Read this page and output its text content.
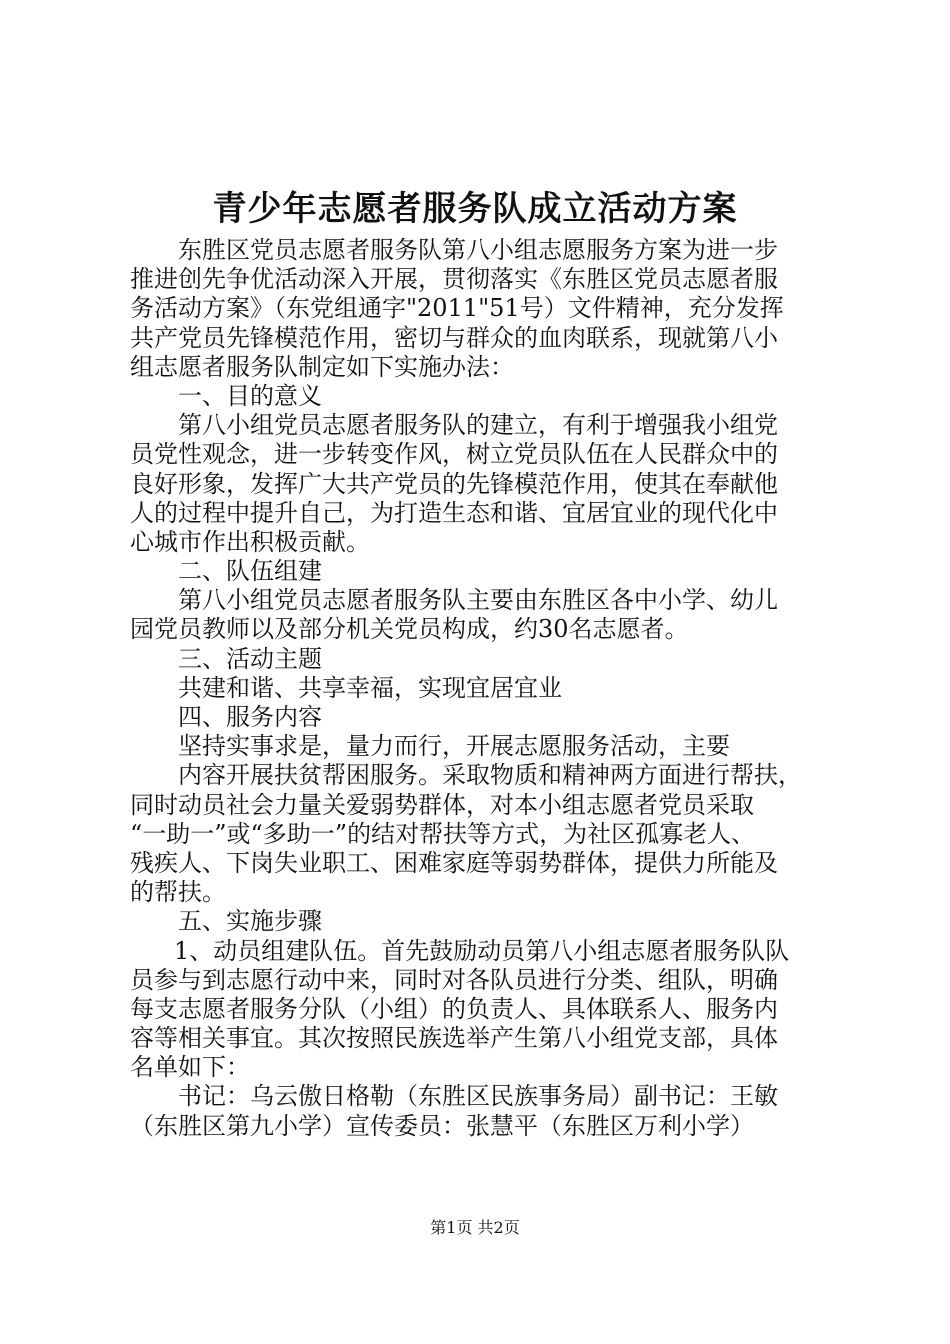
青少年志愿者服务队成立活动方案
东胜区党员志愿者服务队第八小组志愿服务方案为进一步
推进创先争优活动深入开展，贯彻落实《东胜区党员志愿者服
务活动方案》（东党组通字"2011"51号）文件精神，充分发挥
共产党员先锋模范作用，密切与群众的血肉联系，现就第八小
组志愿者服务队制定如下实施办法：
一、目的意义
第八小组党员志愿者服务队的建立，有利于增强我小组党
员党性观念，进一步转变作风，树立党员队伍在人民群众中的
良好形象，发挥广大共产党员的先锋模范作用，使其在奉献他
人的过程中提升自己，为打造生态和谐、宜居宜业的现代化中
心城市作出积极贡献。
二、队伍组建
第八小组党员志愿者服务队主要由东胜区各中小学、幼儿
园党员教师以及部分机关党员构成，约30名志愿者。
三、活动主题
共建和谐、共享幸福，实现宜居宜业
四、服务内容
坚持实事求是，量力而行，开展志愿服务活动，主要
内容开展扶贫帮困服务。采取物质和精神两方面进行帮扶，
同时动员社会力量关爱弱势群体，对本小组志愿者党员采取
“一助一”或“多助一”的结对帮扶等方式，为社区孤寡老人、
残疾人、下岗失业职工、困难家庭等弱势群体，提供力所能及
的帮扶。
五、实施步骤
1、动员组建队伍。首先鼓励动员第八小组志愿者服务队队
员参与到志愿行动中来，同时对各队员进行分类、组队，明确
每支志愿者服务分队（小组）的负责人、具体联系人、服务内
容等相关事宜。其次按照民族选举产生第八小组党支部，具体
名单如下：
书记：乌云傲日格勒（东胜区民族事务局）副书记：王敏
（东胜区第九小学）宣传委员：张慧平（东胜区万利小学）
第1页 共2页
